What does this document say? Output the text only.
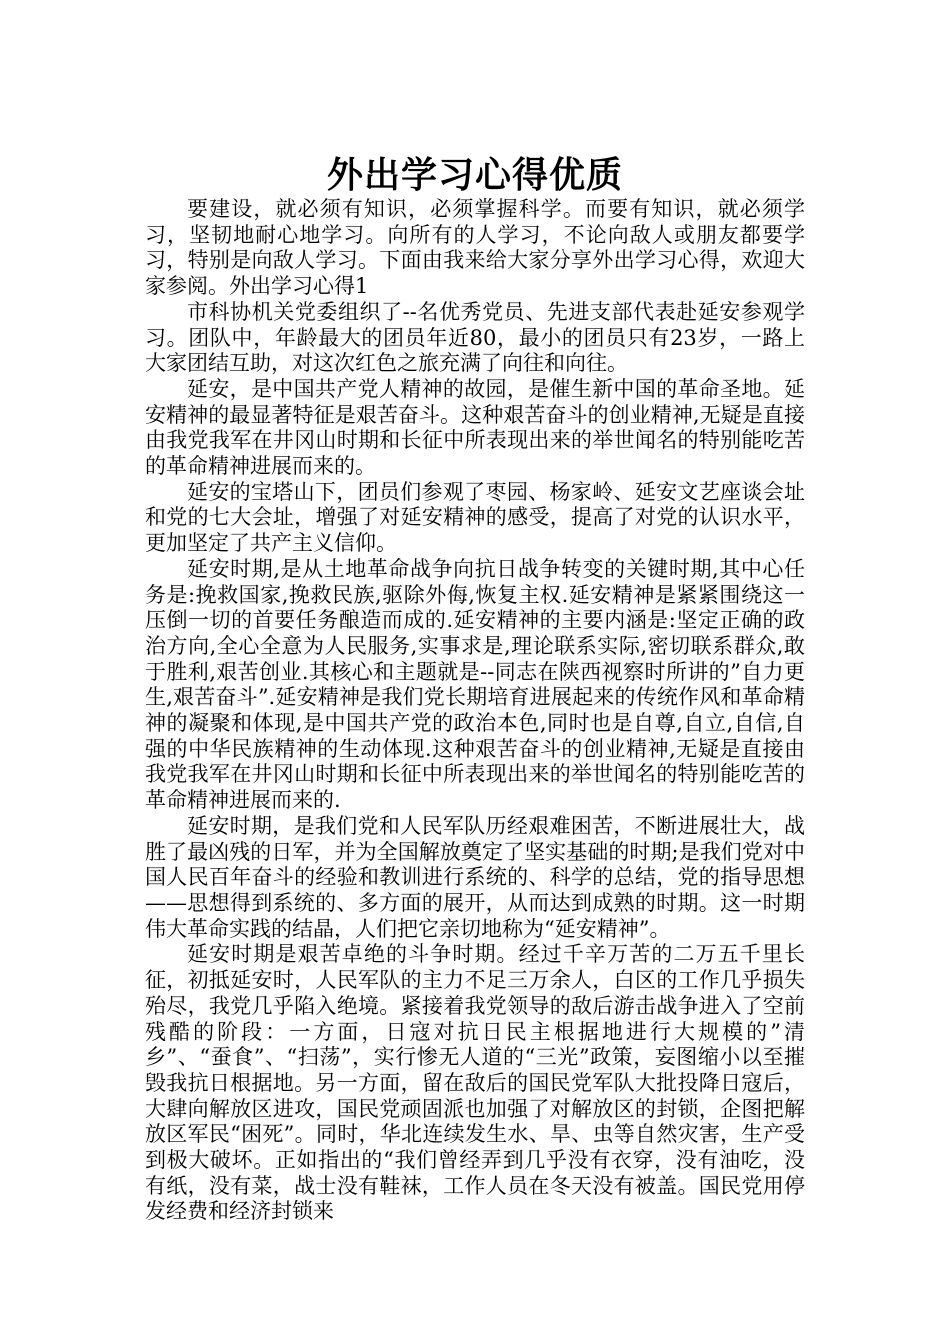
外出学习心得优质

要建设，就必须有知识，必须掌握科学。而要有知识，就必须学习，坚韧地耐心地学习。向所有的人学习，不论向敌人或朋友都要学习，特别是向敌人学习。下面由我来给大家分享外出学习心得，欢迎大家参阅。外出学习心得1

市科协机关党委组织了--名优秀党员、先进支部代表赴延安参观学习。团队中，年龄最大的团员年近80，最小的团员只有23岁，一路上大家团结互助，对这次红色之旅充满了向往和向往。

延安，是中国共产党人精神的故园，是催生新中国的革命圣地。延安精神的最显著特征是艰苦奋斗。这种艰苦奋斗的创业精神,无疑是直接由我党我军在井冈山时期和长征中所表现出来的举世闻名的特别能吃苦的革命精神进展而来的。

延安的宝塔山下，团员们参观了枣园、杨家岭、延安文艺座谈会址和党的七大会址，增强了对延安精神的感受，提高了对党的认识水平，更加坚定了共产主义信仰。

延安时期,是从土地革命战争向抗日战争转变的关键时期,其中心任务是:挽救国家,挽救民族,驱除外侮,恢复主权.延安精神是紧紧围绕这一压倒一切的首要任务酿造而成的.延安精神的主要内涵是:坚定正确的政治方向,全心全意为人民服务,实事求是,理论联系实际,密切联系群众,敢于胜利,艰苦创业.其核心和主题就是--同志在陕西视察时所讲的”自力更生,艰苦奋斗”.延安精神是我们党长期培育进展起来的传统作风和革命精神的凝聚和体现,是中国共产党的政治本色,同时也是自尊,自立,自信,自强的中华民族精神的生动体现.这种艰苦奋斗的创业精神,无疑是直接由我党我军在井冈山时期和长征中所表现出来的举世闻名的特别能吃苦的革命精神进展而来的.

延安时期，是我们党和人民军队历经艰难困苦，不断进展壮大，战胜了最凶残的日军，并为全国解放奠定了坚实基础的时期;是我们党对中国人民百年奋斗的经验和教训进行系统的、科学的总结，党的指导思想——思想得到系统的、多方面的展开，从而达到成熟的时期。这一时期伟大革命实践的结晶，人们把它亲切地称为“延安精神”。

延安时期是艰苦卓绝的斗争时期。经过千辛万苦的二万五千里长征，初抵延安时，人民军队的主力不足三万余人，白区的工作几乎损失殆尽，我党几乎陷入绝境。紧接着我党领导的敌后游击战争进入了空前残酷的阶段：一方面，日寇对抗日民主根据地进行大规模的”清乡”、“蚕食”、“扫荡”，实行惨无人道的“三光”政策，妄图缩小以至摧毁我抗日根据地。另一方面，留在敌后的国民党军队大批投降日寇后，大肆向解放区进攻，国民党顽固派也加强了对解放区的封锁，企图把解放区军民“困死”。同时，华北连续发生水、旱、虫等自然灾害，生产受到极大破坏。正如指出的“我们曾经弄到几乎没有衣穿，没有油吃，没有纸，没有菜，战士没有鞋袜，工作人员在冬天没有被盖。国民党用停发经费和经济封锁来
